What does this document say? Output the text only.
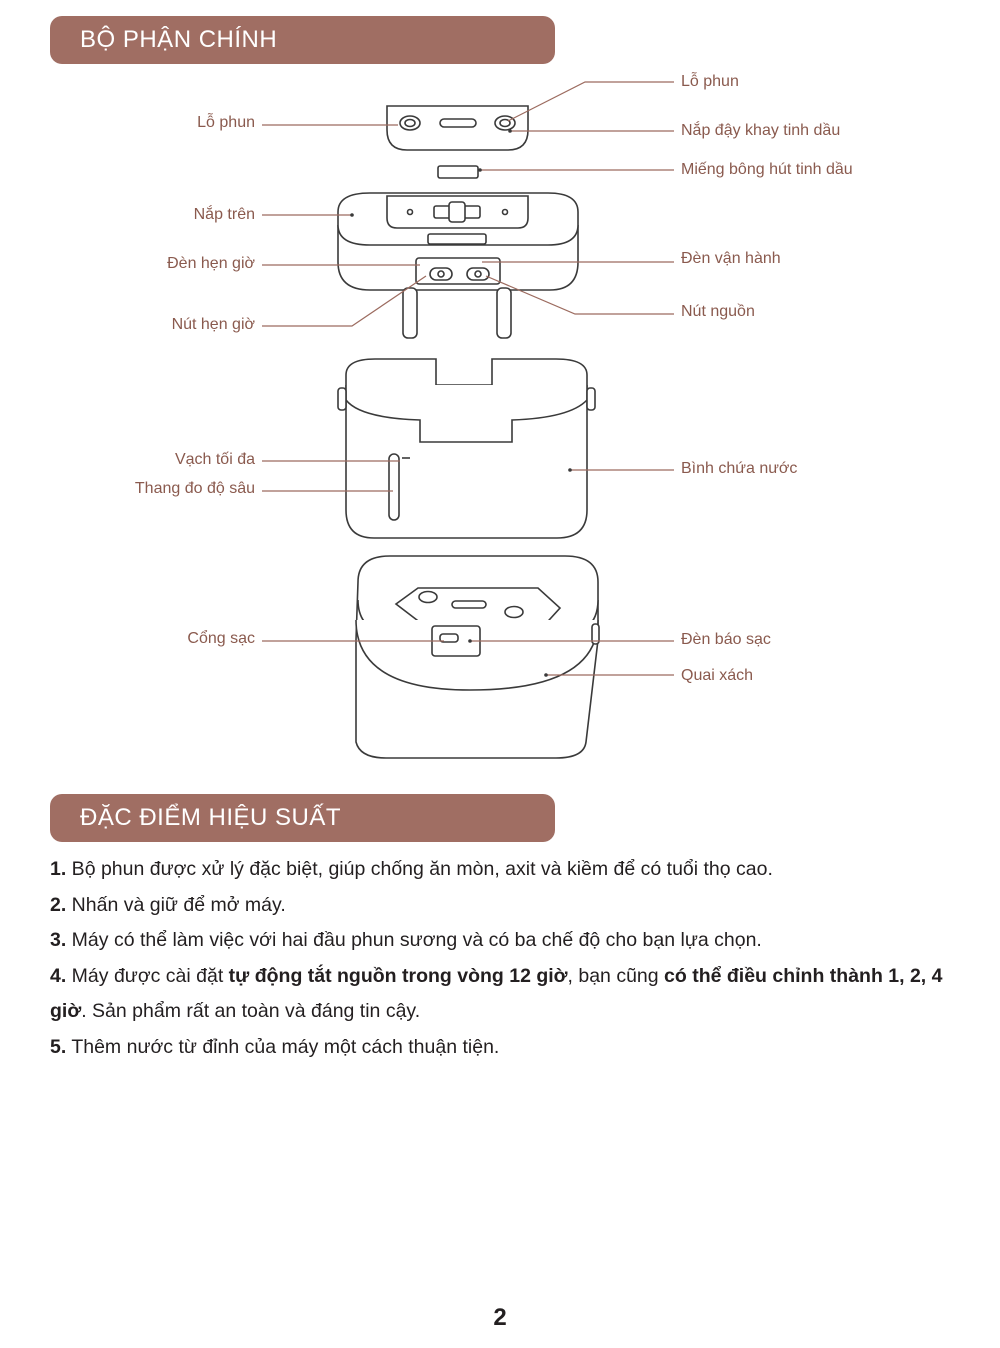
BỘ PHẬN CHÍNH
Lỗ phun
Nắp trên
Đèn hẹn giờ
Nút hẹn giờ
Vạch tối đa
Thang đo độ sâu
Cổng sạc
Lỗ phun
Nắp đậy khay tinh dầu
Miếng bông hút tinh dầu
Đèn vận hành
Nút nguồn
Bình chứa nước
Đèn báo sạc
Quai xách
ĐẶC ĐIỂM HIỆU SUẤT
1. Bộ phun được xử lý đặc biệt, giúp chống ăn mòn, axit và kiềm để có tuổi thọ cao.
2. Nhấn và giữ để mở máy.
3. Máy có thể làm việc với hai đầu phun sương và có ba chế độ cho bạn lựa chọn.
4. Máy được cài đặt tự động tắt nguồn trong vòng 12 giờ, bạn cũng có thể điều chỉnh thành 1, 2, 4 giờ. Sản phẩm rất an toàn và đáng tin cậy.
5. Thêm nước từ đỉnh của máy một cách thuận tiện.
2
